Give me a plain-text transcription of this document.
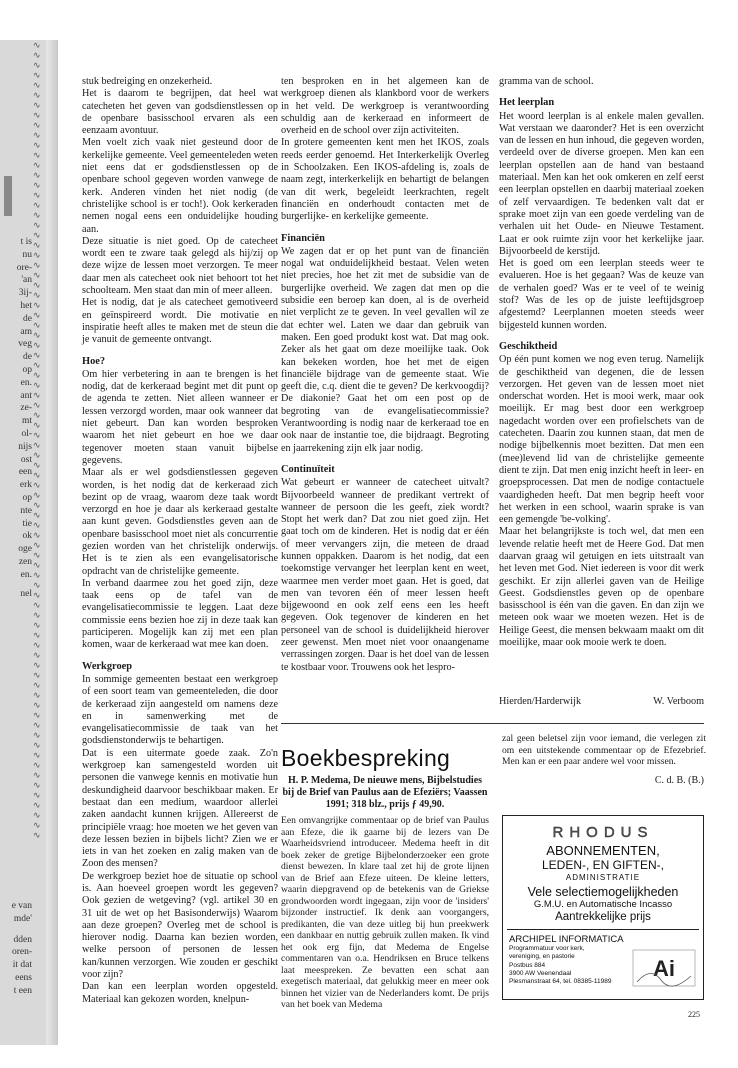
t is
nu
ore-
'an
3ij-
het
de
am
veg
de
op
en.
ant
ze-
mt
ol-
nijs
ost
een
erk
op
nte
tie
ok
oge
zen
en.
nel
e van
mde'
dden
oren-
it dat
eens
t een
∿
∿
∿
∿
∿
∿
∿
∿
∿
∿
∿
∿
∿
∿
∿
∿
∿
∿
∿
∿
∿
∿
∿
∿
∿
∿
∿
∿
∿
∿
∿
∿
∿
∿
∿
∿
∿
∿
∿
∿
∿
∿
∿
∿
∿
∿
∿
∿
∿
∿
∿
∿
∿
∿
∿
∿
∿
∿
∿
∿
∿
∿
∿
∿
∿
∿
∿
∿
∿
∿
∿
∿
∿
∿
∿
∿
∿
∿
∿
∿

stuk bedreiging en onzekerheid.

Het is daarom te begrijpen, dat heel wat catecheten het geven van godsdienstlessen op de openbare basisschool ervaren als een eenzaam avontuur.

Men voelt zich vaak niet gesteund door de kerkelijke gemeente. Veel gemeenteleden weten niet eens dat er godsdienstlessen op de openbare school gegeven worden vanwege de kerk. Anderen vinden het niet nodig (de christelijke school is er toch!). Ook kerkeraden nemen nogal eens een onduidelijke houding aan.

Deze situatie is niet goed. Op de catecheet wordt een te zware taak gelegd als hij/zij op deze wijze de lessen moet verzorgen. Te meer daar men als catecheet ook niet behoort tot het schoolteam. Men staat dan min of meer alleen.

Het is nodig, dat je als catecheet gemotiveerd en geïnspireerd wordt. Die motivatie en inspiratie heeft alles te maken met de steun die je vanuit de gemeente ontvangt.

Hoe?

Om hier verbetering in aan te brengen is het nodig, dat de kerkeraad begint met dit punt op de agenda te zetten. Niet alleen wanneer er lessen verzorgd worden, maar ook wanneer dat niet gebeurt. Dan kan worden besproken waarom het niet gebeurt en hoe we daar tegenover moeten staan vanuit bijbelse gegevens.

Maar als er wel godsdienstlessen gegeven worden, is het nodig dat de kerkeraad zich bezint op de vraag, waarom deze taak wordt verzorgd en hoe je daar als kerkeraad gestalte aan kunt geven. Godsdienstles geven aan de openbare basisschool moet niet als concurrentie gezien worden van het christelijk onderwijs. Het is te zien als een evangelisatorische opdracht van de christelijke gemeente.

In verband daarmee zou het goed zijn, deze taak eens op de tafel van de evangelisatiecommissie te leggen. Laat deze commissie eens bezien hoe zij in deze taak kan participeren. Mogelijk kan zij met een plan komen, waar de kerkeraad wat mee kan doen.

Werkgroep

In sommige gemeenten bestaat een werkgroep of een soort team van gemeenteleden, die door de kerkeraad zijn aangesteld om namens deze en in samenwerking met de evangelisatiecommissie de taak van het godsdienstonderwijs te behartigen.

Dat is een uitermate goede zaak. Zo'n werkgroep kan samengesteld worden uit personen die vanwege kennis en motivatie hun deskundigheid daarvoor beschikbaar maken. Er bestaat dan een medium, waardoor allerlei zaken aandacht kunnen krijgen. Allereerst de principiële vraag: hoe moeten we het geven van deze lessen bezien in bijbels licht? Zien we er iets in van het zoeken en zalig maken van de Zoon des mensen?

De werkgroep beziet hoe de situatie op school is. Aan hoeveel groepen wordt les gegeven? Ook gezien de wetgeving? (vgl. artikel 30 en 31 uit de wet op het Basisonderwijs) Waarom aan deze groepen? Overleg met de school is hierover nodig. Daarna kan bezien worden, welke persoon of personen de lessen kan/kunnen verzorgen. Wie zouden er geschikt voor zijn?

Dan kan een leerplan worden opgesteld. Materiaal kan gekozen worden, knelpun-

ten besproken en in het algemeen kan de werkgroep dienen als klankbord voor de werkers in het veld. De werkgroep is verantwoording schuldig aan de kerkeraad en informeert de overheid en de school over zijn activiteiten.

In grotere gemeenten kent men het IKOS, zoals reeds eerder genoemd. Het Interkerkelijk Overleg in Schoolzaken. Een IKOS-afdeling is, zoals de naam zegt, interkerkelijk en behartigt de belangen van dit werk, begeleidt leerkrachten, regelt financiën en onderhoudt contacten met de burgerlijke- en kerkelijke gemeente.

Financiën

We zagen dat er op het punt van de financiën nogal wat onduidelijkheid bestaat. Velen weten niet precies, hoe het zit met de subsidie van de burgerlijke overheid. We zagen dat men op die subsidie een beroep kan doen, al is de overheid niet verplicht ze te geven. In veel gevallen wil ze dat echter wel. Laten we daar dan gebruik van maken. Een goed produkt kost wat. Dat mag ook. Zeker als het gaat om deze moeilijke taak. Ook kan bekeken worden, hoe het met de eigen financiële bijdrage van de gemeente staat. Wie geeft die, c.q. dient die te geven? De kerkvoogdij? De diakonie? Gaat het om een post op de begroting van de evangelisatiecommissie? Verantwoording is nodig naar de kerkeraad toe en ook naar de instantie toe, die bijdraagt. Begroting en jaarrekening zijn elk jaar nodig.

Continuïteit

Wat gebeurt er wanneer de catecheet uitvalt? Bijvoorbeeld wanneer de predikant vertrekt of wanneer de persoon die les geeft, ziek wordt? Stopt het werk dan? Dat zou niet goed zijn. Het gaat toch om de kinderen. Het is nodig dat er één of meer vervangers zijn, die meteen de draad kunnen oppakken. Daarom is het nodig, dat een toekomstige vervanger het leerplan kent en weet, waarmee men verder moet gaan. Het is goed, dat men van tevoren één of meer lessen heeft bijgewoond en ook zelf eens een les heeft gegeven. Ook tegenover de kinderen en het personeel van de school is duidelijkheid hierover zeer gewenst. Men moet niet voor onaangename verrassingen zorgen. Daar is het doel van de lessen te kostbaar voor. Trouwens ook het lespro-

gramma van de school.

Het leerplan

Het woord leerplan is al enkele malen gevallen. Wat verstaan we daaronder? Het is een overzicht van de lessen en hun inhoud, die gegeven worden, verdeeld over de diverse groepen. Men kan een leerplan opstellen aan de hand van bestaand materiaal. Men kan het ook omkeren en zelf eerst een leerplan opstellen en daarbij materiaal zoeken of zelf vervaardigen. Te bedenken valt dat er sprake moet zijn van een goede verdeling van de verhalen uit het Oude- en Nieuwe Testament. Laat er ook ruimte zijn voor het kerkelijke jaar. Bijvoorbeeld de kerstijd.

Het is goed om een leerplan steeds weer te evalueren. Hoe is het gegaan? Was de keuze van de verhalen goed? Was er te veel of te weinig stof? Was de les op de juiste leeftijdsgroep afgestemd? Leerplannen moeten steeds weer bijgesteld kunnen worden.

Geschiktheid

Op één punt komen we nog even terug. Namelijk de geschiktheid van degenen, die de lessen verzorgen. Het geven van de lessen moet niet onderschat worden. Het is mooi werk, maar ook moeilijk. Er mag best door een werkgroep nagedacht worden over een profielschets van de catecheten. Daarin zou kunnen staan, dat men de nodige bijbelkennis moet bezitten. Dat men een (mee)levend lid van de christelijke gemeente dient te zijn. Dat men enig inzicht heeft in leer- en groepsprocessen. Dat men de nodige contactuele vaardigheden heeft. Dat men begrip heeft voor het werken in een school, waarin sprake is van een gemengde 'be-volking'.

Maar het belangrijkste is toch wel, dat men een levende relatie heeft met de Heere God. Dat men daarvan graag wil getuigen en iets uitstraalt van het leven met God. Niet iedereen is voor dit werk geschikt. Er zijn allerlei gaven van de Heilige Geest. Godsdienstles geven op de openbare basisschool is één van die gaven. En dan zijn we meteen ook waar we moeten wezen. Het is de Heilige Geest, die mensen bekwaam maakt om dit moeilijke, maar ook mooie werk te doen.

Hierden/Harderwijk	W. Verboom
Boekbespreking
H. P. Medema, De nieuwe mens, Bijbelstudies bij de Brief van Paulus aan de Efeziërs; Vaassen 1991; 318 blz., prijs ƒ 49,90.
Een omvangrijke commentaar op de brief van Paulus aan Efeze, die ik gaarne bij de lezers van De Waarheidsvriend introduceer. Medema heeft in dit boek zeker de gretige Bijbelonderzoeker een grote dienst bewezen. In klare taal zet hij de grote lijnen van de Brief aan Efeze uiteen. De kleine letters, waarin diepgravend op de betekenis van de Griekse grondwoorden wordt ingegaan, zijn voor de 'insiders' bijzonder instructief. Ik denk aan voorgangers, predikanten, die van deze uitleg bij hun preekwerk een dankbaar en nuttig gebruik zullen maken. Ik vind het ook erg fijn, dat Medema de Engelse commentaren van o.a. Hendriksen en Bruce telkens laat meespreken. Ze bevatten een schat aan exegetisch materiaal, dat gelukkig meer en meer ook binnen het vizier van de Nederlanders komt. De prijs van het boek van Medema
zal geen beletsel zijn voor iemand, die verlegen zit om een uitstekende commentaar op de Efezebrief. Men kan er een paar andere wel voor missen.
C. d. B. (B.)
RHODUS
ABONNEMENTEN,
LEDEN-, EN GIFTEN-,
ADMINISTRATIE
Vele selectiemogelijkheden
G.M.U. en Automatische Incasso
Aantrekkelijke prijs
ARCHIPEL INFORMATICA
Programmatuur voor kerk,
vereniging, en pastorie
Postbus 884
3900 AW Veenendaal
Plesmanstraat 64, tel. 08385-11989
Ai
225
